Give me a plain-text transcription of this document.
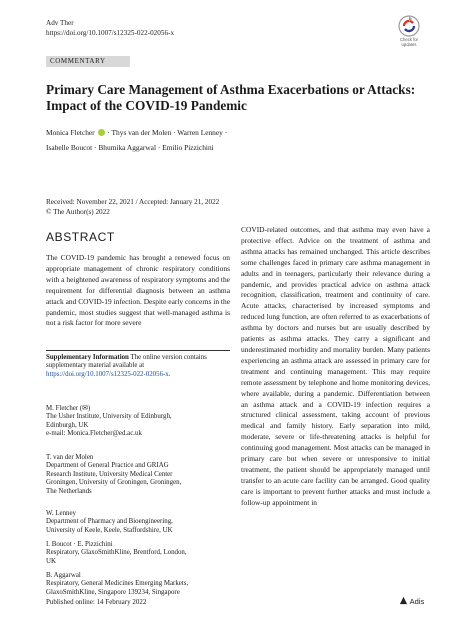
Adv Ther
https://doi.org/10.1007/s12325-022-02056-x
Check for updates
COMMENTARY
Primary Care Management of Asthma Exacerbations or Attacks: Impact of the COVID-19 Pandemic
Monica Fletcher  · Thys van der Molen · Warren Lenney ·
Isabelle Boucot · Bhumika Aggarwal · Emilio Pizzichini
Received: November 22, 2021 / Accepted: January 21, 2022
© The Author(s) 2022
ABSTRACT
The COVID-19 pandemic has brought a renewed focus on appropriate management of chronic respiratory conditions with a heightened awareness of respiratory symptoms and the requirement for differential diagnosis between an asthma attack and COVID-19 infection. Despite early concerns in the pandemic, most studies suggest that well-managed asthma is not a risk factor for more severe
COVID-related outcomes, and that asthma may even have a protective effect. Advice on the treatment of asthma and asthma attacks has remained unchanged. This article describes some challenges faced in primary care asthma management in adults and in teenagers, particularly their relevance during a pandemic, and provides practical advice on asthma attack recognition, classification, treatment and continuity of care. Acute attacks, characterised by increased symptoms and reduced lung function, are often referred to as exacerbations of asthma by doctors and nurses but are usually described by patients as asthma attacks. They carry a significant and underestimated morbidity and mortality burden. Many patients experiencing an asthma attack are assessed in primary care for treatment and continuing management. This may require remote assessment by telephone and home monitoring devices, where available, during a pandemic. Differentiation between an asthma attack and a COVID-19 infection requires a structured clinical assessment, taking account of previous medical and family history. Early separation into mild, moderate, severe or life-threatening attacks is helpful for continuing good management. Most attacks can be managed in primary care but when severe or unresponsive to initial treatment, the patient should be appropriately managed until transfer to an acute care facility can be arranged. Good quality care is important to prevent further attacks and must include a follow-up appointment in
Supplementary Information The online version contains supplementary material available at https://doi.org/10.1007/s12325-022-02056-x.
M. Fletcher (✉)
The Usher Institute, University of Edinburgh,
Edinburgh, UK
e-mail: Monica.Fletcher@ed.ac.uk
T. van der Molen
Department of General Practice and GRIAG
Research Institute, University Medical Center
Groningen, University of Groningen, Groningen,
The Netherlands
W. Lenney
Department of Pharmacy and Bioengineering,
University of Keele, Keele, Staffordshire, UK
I. Boucot · E. Pizzichini
Respiratory, GlaxoSmithKline, Brentford, London,
UK
B. Aggarwal
Respiratory, General Medicines Emerging Markets,
GlaxoSmithKline, Singapore 139234, Singapore
Published online: 14 February 2022	Adis
